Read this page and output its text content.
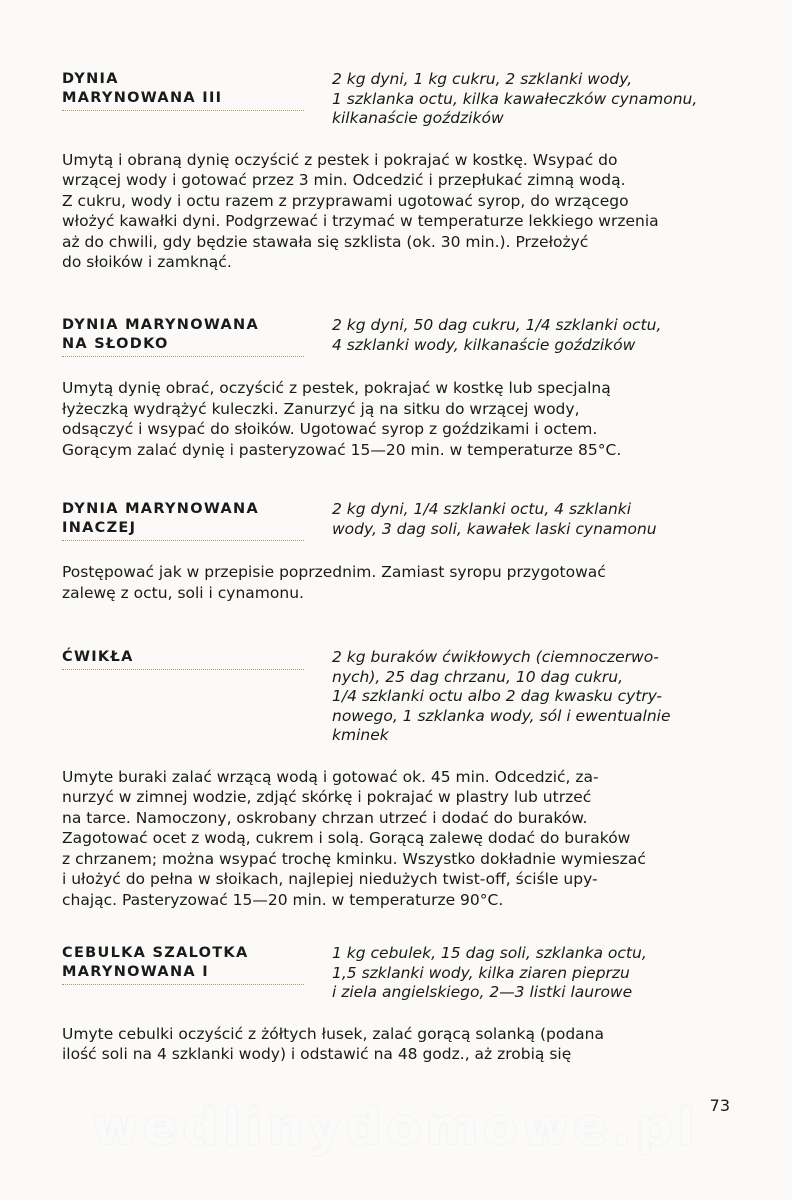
DYNIA
MARYNOWANA III
2 kg dyni, 1 kg cukru, 2 szklanki wody,
1 szklanka octu, kilka kawałeczków cynamonu,
kilkanaście goździków
Umytą i obraną dynię oczyścić z pestek i pokrajać w kostkę. Wsypać do
wrzącej wody i gotować przez 3 min. Odcedzić i przepłukać zimną wodą.
Z cukru, wody i octu razem z przyprawami ugotować syrop, do wrzącego
włożyć kawałki dyni. Podgrzewać i trzymać w temperaturze lekkiego wrzenia
aż do chwili, gdy będzie stawała się szklista (ok. 30 min.). Przełożyć
do słoików i zamknąć.
DYNIA MARYNOWANA
NA SŁODKO
2 kg dyni, 50 dag cukru, 1/4 szklanki octu,
4 szklanki wody, kilkanaście goździków
Umytą dynię obrać, oczyścić z pestek, pokrajać w kostkę lub specjalną
łyżeczką wydrążyć kuleczki. Zanurzyć ją na sitku do wrzącej wody,
odsączyć i wsypać do słoików. Ugotować syrop z goździkami i octem.
Gorącym zalać dynię i pasteryzować 15—20 min. w temperaturze 85°C.
DYNIA MARYNOWANA
INACZEJ
2 kg dyni, 1/4 szklanki octu, 4 szklanki
wody, 3 dag soli, kawałek laski cynamonu
Postępować jak w przepisie poprzednim. Zamiast syropu przygotować
zalewę z octu, soli i cynamonu.
ĆWIKŁA	2 kg buraków ćwikłowych (ciemnoczerwo-
nych), 25 dag chrzanu, 10 dag cukru,
1/4 szklanki octu albo 2 dag kwasku cytry-
nowego, 1 szklanka wody, sól i ewentualnie
kminek
Umyte buraki zalać wrzącą wodą i gotować ok. 45 min. Odcedzić, za-
nurzyć w zimnej wodzie, zdjąć skórkę i pokrajać w plastry lub utrzeć
na tarce. Namoczony, oskrobany chrzan utrzeć i dodać do buraków.
Zagotować ocet z wodą, cukrem i solą. Gorącą zalewę dodać do buraków
z chrzanem; można wsypać trochę kminku. Wszystko dokładnie wymieszać
i ułożyć do pełna w słoikach, najlepiej niedużych twist-off, ściśle upy-
chając. Pasteryzować 15—20 min. w temperaturze 90°C.
CEBULKA SZALOTKA
MARYNOWANA I
1 kg cebulek, 15 dag soli, szklanka octu,
1,5 szklanki wody, kilka ziaren pieprzu
i ziela angielskiego, 2—3 listki laurowe
Umyte cebulki oczyścić z żółtych łusek, zalać gorącą solanką (podana
ilość soli na 4 szklanki wody) i odstawić na 48 godz., aż zrobią się
wedlinydomowe.pl 73
